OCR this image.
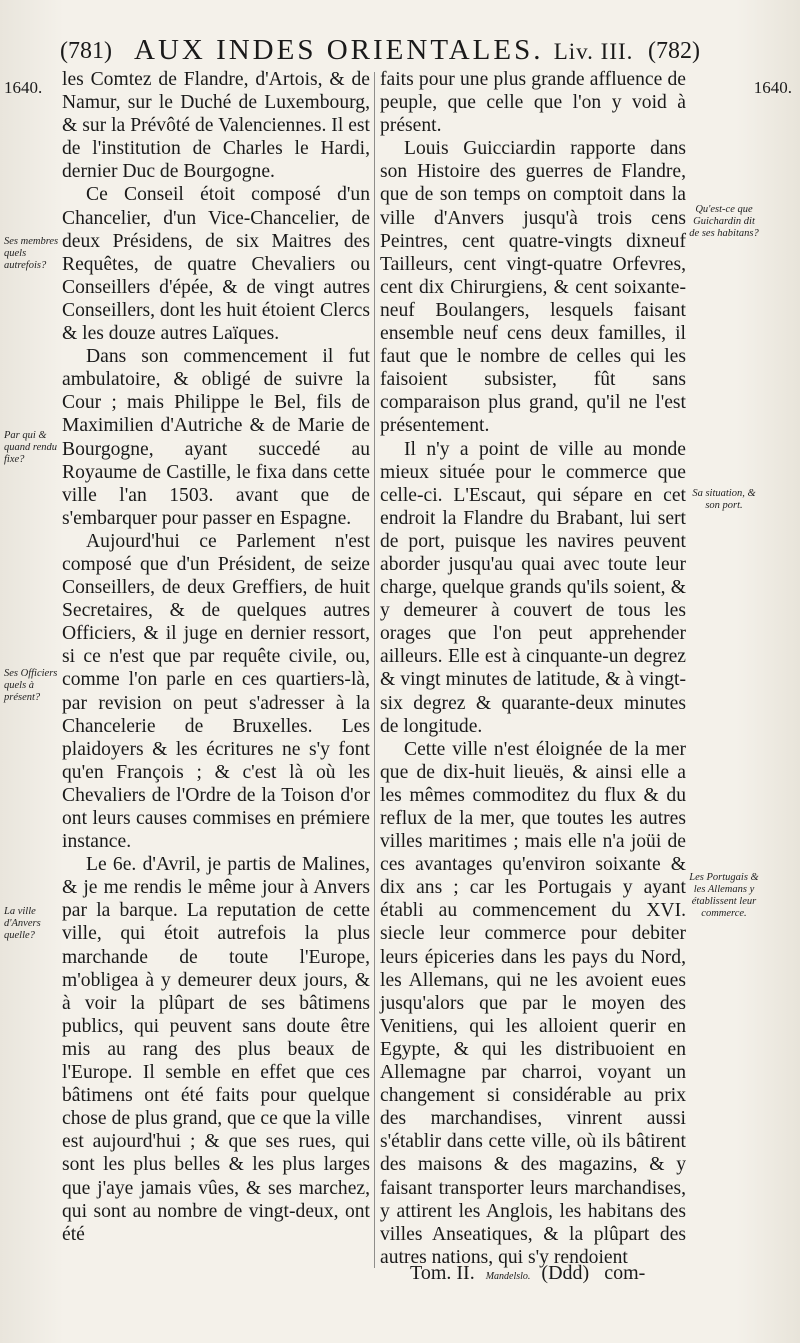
(781) AUX INDES ORIENTALES. Liv. III. (782)
1640.	1640.

les Comtez de Flandre, d'Artois, & de Namur, sur le Duché de Luxembourg, & sur la Prévôté de Valenciennes. Il est de l'institution de Charles le Hardi, dernier Duc de Bourgogne.

Ce Conseil étoit composé d'un Chancelier, d'un Vice-Chancelier, de deux Présidens, de six Maitres des Requêtes, de quatre Chevaliers ou Conseillers d'épée, & de vingt autres Conseillers, dont les huit étoient Clercs & les douze autres Laïques.

Dans son commencement il fut ambulatoire, & obligé de suivre la Cour ; mais Philippe le Bel, fils de Maximilien d'Autriche & de Marie de Bourgogne, ayant succedé au Royaume de Castille, le fixa dans cette ville l'an 1503. avant que de s'embarquer pour passer en Espagne.

Aujourd'hui ce Parlement n'est composé que d'un Président, de seize Conseillers, de deux Greffiers, de huit Secretaires, & de quelques autres Officiers, & il juge en dernier ressort, si ce n'est que par requête civile, ou, comme l'on parle en ces quartiers-là, par revision on peut s'adresser à la Chancelerie de Bruxelles. Les plaidoyers & les écritures ne s'y font qu'en François ; & c'est là où les Chevaliers de l'Ordre de la Toison d'or ont leurs causes commises en prémiere instance.

Le 6e. d'Avril, je partis de Malines, & je me rendis le même jour à Anvers par la barque. La reputation de cette ville, qui étoit autrefois la plus marchande de toute l'Europe, m'obligea à y demeurer deux jours, & à voir la plûpart de ses bâtimens publics, qui peuvent sans doute être mis au rang des plus beaux de l'Europe. Il semble en effet que ces bâtimens ont été faits pour quelque chose de plus grand, que ce que la ville est aujourd'hui ; & que ses rues, qui sont les plus belles & les plus larges que j'aye jamais vûes, & ses marchez, qui sont au nombre de vingt-deux, ont été

faits pour une plus grande affluence de peuple, que celle que l'on y void à présent.

Louis Guicciardin rapporte dans son Histoire des guerres de Flandre, que de son temps on comptoit dans la ville d'Anvers jusqu'à trois cens Peintres, cent quatre-vingts dixneuf Tailleurs, cent vingt-quatre Orfevres, cent dix Chirurgiens, & cent soixante-neuf Boulangers, lesquels faisant ensemble neuf cens deux familles, il faut que le nombre de celles qui les faisoient subsister, fût sans comparaison plus grand, qu'il ne l'est présentement.

Il n'y a point de ville au monde mieux située pour le commerce que celle-ci. L'Escaut, qui sépare en cet endroit la Flandre du Brabant, lui sert de port, puisque les navires peuvent aborder jusqu'au quai avec toute leur charge, quelque grands qu'ils soient, & y demeurer à couvert de tous les orages que l'on peut apprehender ailleurs. Elle est à cinquante-un degrez & vingt minutes de latitude, & à vingt-six degrez & quarante-deux minutes de longitude.

Cette ville n'est éloignée de la mer que de dix-huit lieuës, & ainsi elle a les mêmes commoditez du flux & du reflux de la mer, que toutes les autres villes maritimes ; mais elle n'a joüi de ces avantages qu'environ soixante & dix ans ; car les Portugais y ayant établi au commencement du XVI. siecle leur commerce pour debiter leurs épiceries dans les pays du Nord, les Allemans, qui ne les avoient eues jusqu'alors que par le moyen des Venitiens, qui les alloient querir en Egypte, & qui les distribuoient en Allemagne par charroi, voyant un changement si considérable au prix des marchandises, vinrent aussi s'établir dans cette ville, où ils bâtirent des maisons & des magazins, & y faisant transporter leurs marchandises, y attirent les Anglois, les habitans des villes Anseatiques, & la plûpart des autres nations, qui s'y rendoient

Ses membres quels autrefois?
Par qui & quand rendu fixe?
Ses Officiers quels à présent?
La ville d'Anvers quelle?
Qu'est-ce que Guichardin dit de ses habitans?
Sa situation, & son port.
Les Portugais & les Allemans y établissent leur commerce.
Tom. II. Mandelslo. (Ddd) com-
